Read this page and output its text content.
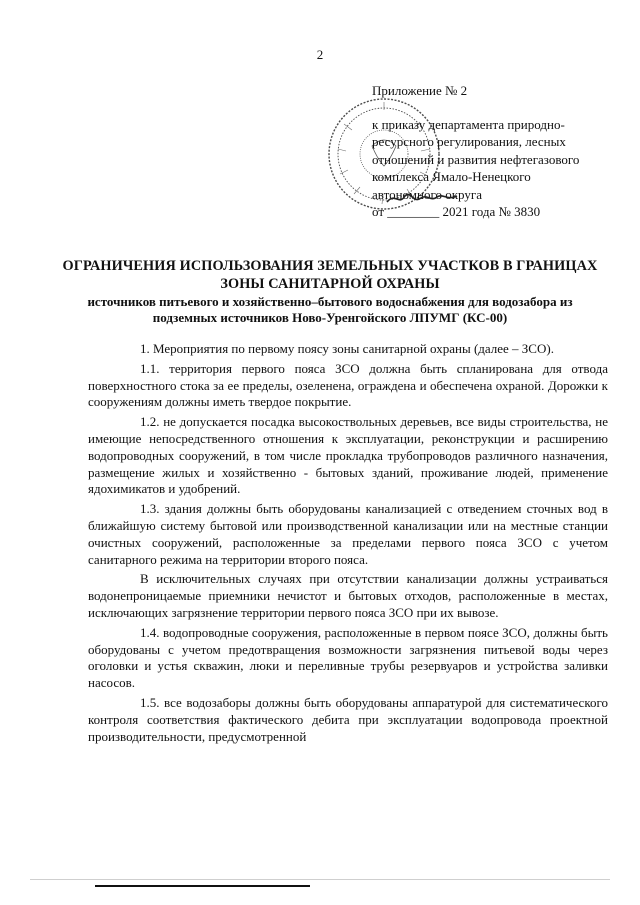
2
Приложение № 2
к приказу департамента природно-
ресурсного регулирования, лесных
отношений и развития нефтегазового
комплекса Ямало-Ненецкого
автономного округа
от ________ 2021 года № 3830
ОГРАНИЧЕНИЯ ИСПОЛЬЗОВАНИЯ ЗЕМЕЛЬНЫХ УЧАСТКОВ В ГРАНИЦАХ ЗОНЫ САНИТАРНОЙ ОХРАНЫ
источников питьевого и хозяйственно–бытового водоснабжения для водозабора из подземных источников Ново-Уренгойского ЛПУМГ (КС-00)

1. Мероприятия по первому поясу зоны санитарной охраны (далее – ЗСО).

1.1. территория первого пояса ЗСО должна быть спланирована для отвода поверхностного стока за ее пределы, озеленена, ограждена и обеспечена охраной. Дорожки к сооружениям должны иметь твердое покрытие.

1.2. не допускается посадка высокоствольных деревьев, все виды строительства, не имеющие непосредственного отношения к эксплуатации, реконструкции и расширению водопроводных сооружений, в том числе прокладка трубопроводов различного назначения, размещение жилых и хозяйственно - бытовых зданий, проживание людей, применение ядохимикатов и удобрений.

1.3. здания должны быть оборудованы канализацией с отведением сточных вод в ближайшую систему бытовой или производственной канализации или на местные станции очистных сооружений, расположенные за пределами первого пояса ЗСО с учетом санитарного режима на территории второго пояса.

В исключительных случаях при отсутствии канализации должны устраиваться водонепроницаемые приемники нечистот и бытовых отходов, расположенные в местах, исключающих загрязнение территории первого пояса ЗСО при их вывозе.

1.4. водопроводные сооружения, расположенные в первом поясе ЗСО, должны быть оборудованы с учетом предотвращения возможности загрязнения питьевой воды через оголовки и устья скважин, люки и переливные трубы резервуаров и устройства заливки насосов.

1.5. все водозаборы должны быть оборудованы аппаратурой для систематического контроля соответствия фактического дебита при эксплуатации водопровода проектной производительности, предусмотренной
